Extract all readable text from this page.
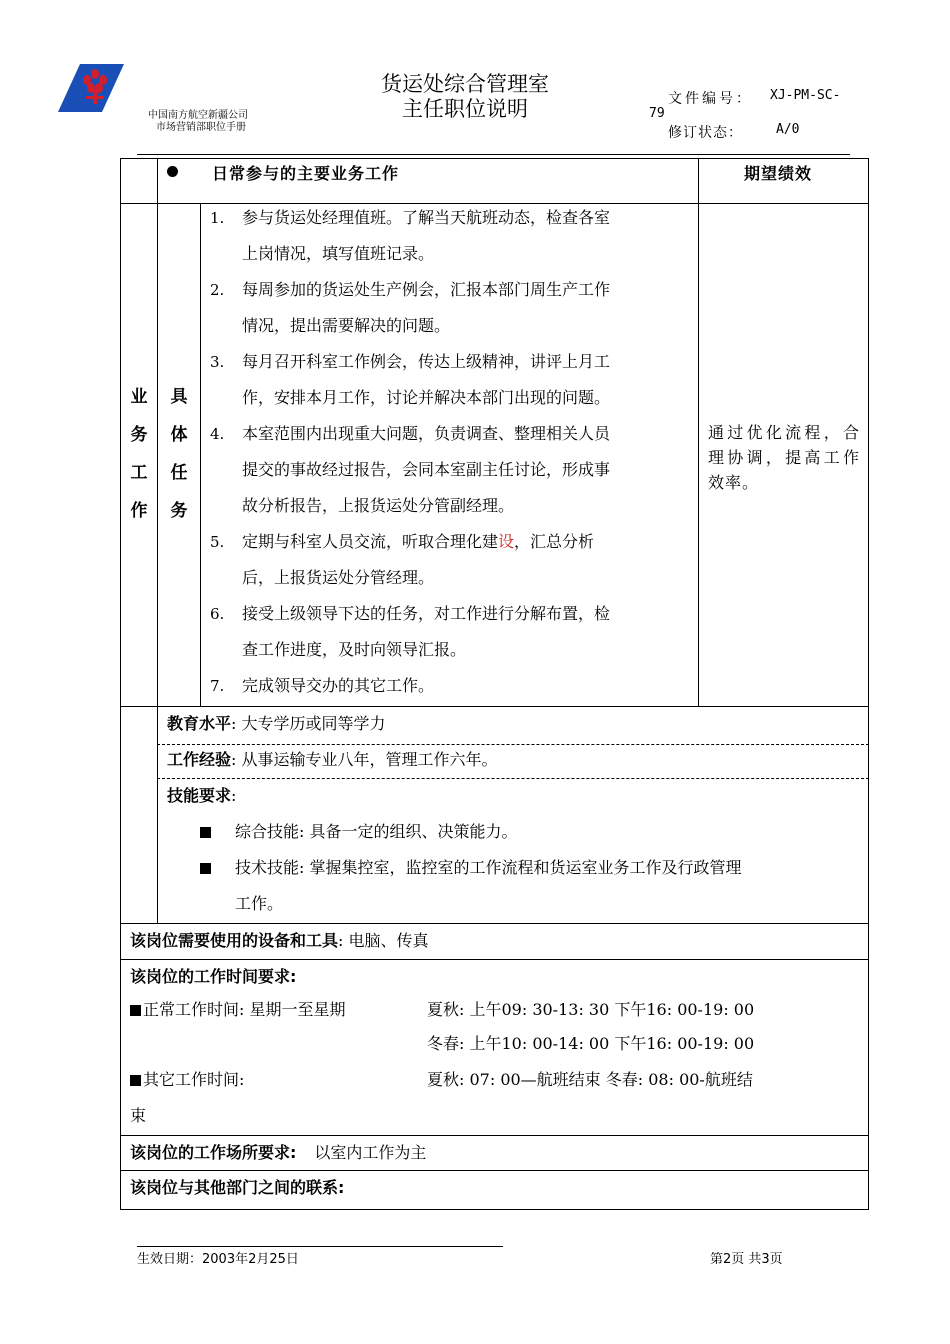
中国南方航空新疆公司
市场营销部职位手册
货运处综合管理室
主任职位说明	文件编号： XJ-PM-SC-
79
修订状态：	A/0
日常参与的主要业务工作	期望绩效
业
务
工
作
具
体
任
务
1.	参与货运处经理值班。了解当天航班动态，检查各室
上岗情况，填写值班记录。
2.	每周参加的货运处生产例会，汇报本部门周生产工作
情况，提出需要解决的问题。
3.	每月召开科室工作例会，传达上级精神，讲评上月工
作，安排本月工作，讨论并解决本部门出现的问题。
4.	本室范围内出现重大问题，负责调查、整理相关人员
提交的事故经过报告，会同本室副主任讨论，形成事
故分析报告，上报货运处分管副经理。
5.	定期与科室人员交流，听取合理化建设，汇总分析
后，上报货运处分管经理。
6.	接受上级领导下达的任务，对工作进行分解布置，检
查工作进度，及时向领导汇报。
7.	完成领导交办的其它工作。
通过优化流程，合理协调，提高工作效率。
教育水平: 大专学历或同等学力
工作经验: 从事运输专业八年，管理工作六年。
技能要求:
综合技能: 具备一定的组织、决策能力。
技术技能: 掌握集控室，监控室的工作流程和货运室业务工作及行政管理
工作。
该岗位需要使用的设备和工具: 电脑、传真
该岗位的工作时间要求:
正常工作时间: 星期一至星期	夏秋: 上午09: 30-13: 30 下午16: 00-19: 00
冬春: 上午10: 00-14: 00 下午16: 00-19: 00
其它工作时间:	夏秋: 07: 00—航班结束 冬春: 08: 00-航班结
束
该岗位的工作场所要求: 以室内工作为主
该岗位与其他部门之间的联系:
生效日期：2003年2月25日	第2页 共3页
